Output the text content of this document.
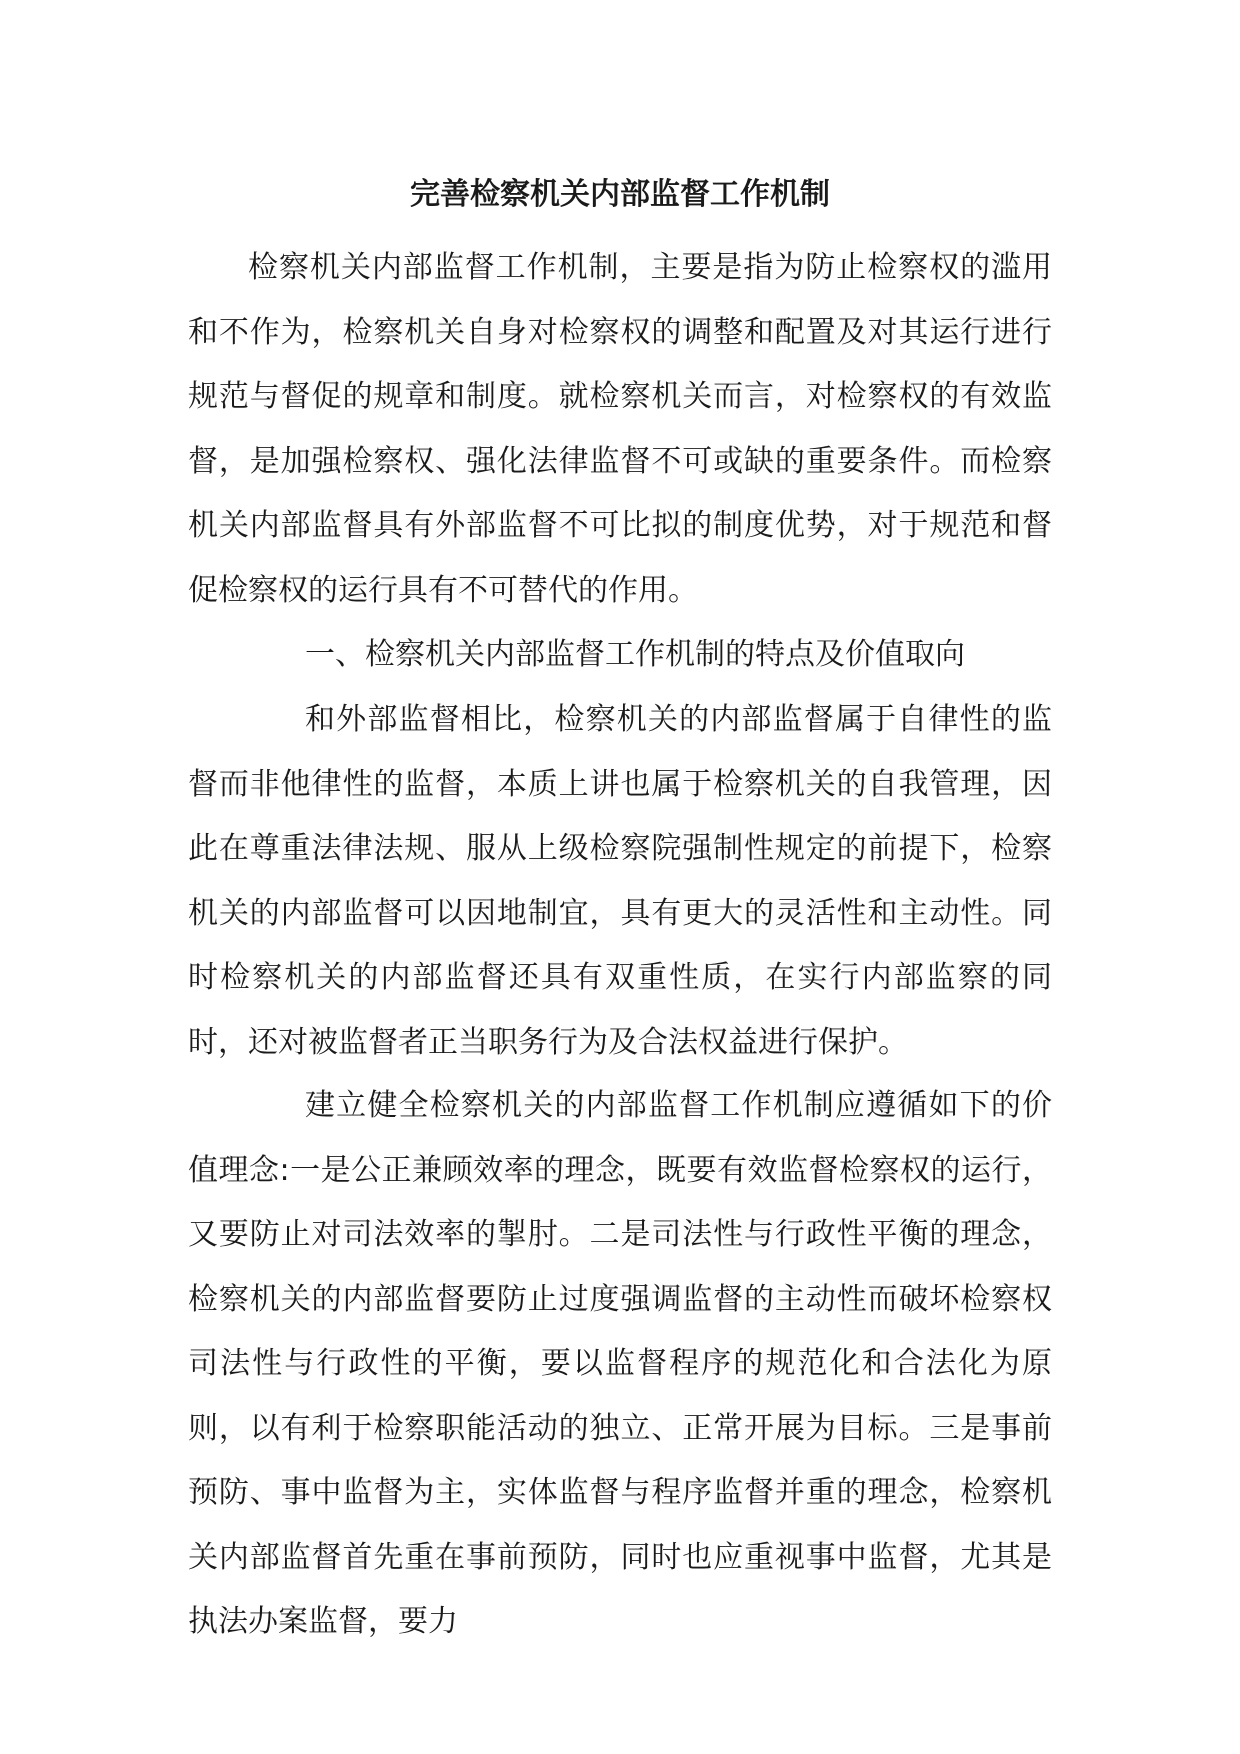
完善检察机关内部监督工作机制

检察机关内部监督工作机制，主要是指为防止检察权的滥用和不作为，检察机关自身对检察权的调整和配置及对其运行进行规范与督促的规章和制度。就检察机关而言，对检察权的有效监督，是加强检察权、强化法律监督不可或缺的重要条件。而检察机关内部监督具有外部监督不可比拟的制度优势，对于规范和督促检察权的运行具有不可替代的作用。

一、检察机关内部监督工作机制的特点及价值取向

和外部监督相比，检察机关的内部监督属于自律性的监督而非他律性的监督，本质上讲也属于检察机关的自我管理，因此在尊重法律法规、服从上级检察院强制性规定的前提下，检察机关的内部监督可以因地制宜，具有更大的灵活性和主动性。同时检察机关的内部监督还具有双重性质，在实行内部监察的同时，还对被监督者正当职务行为及合法权益进行保护。

建立健全检察机关的内部监督工作机制应遵循如下的价值理念:一是公正兼顾效率的理念，既要有效监督检察权的运行，又要防止对司法效率的掣肘。二是司法性与行政性平衡的理念，检察机关的内部监督要防止过度强调监督的主动性而破坏检察权司法性与行政性的平衡，要以监督程序的规范化和合法化为原则，以有利于检察职能活动的独立、正常开展为目标。三是事前预防、事中监督为主，实体监督与程序监督并重的理念，检察机关内部监督首先重在事前预防，同时也应重视事中监督，尤其是执法办案监督，要力
